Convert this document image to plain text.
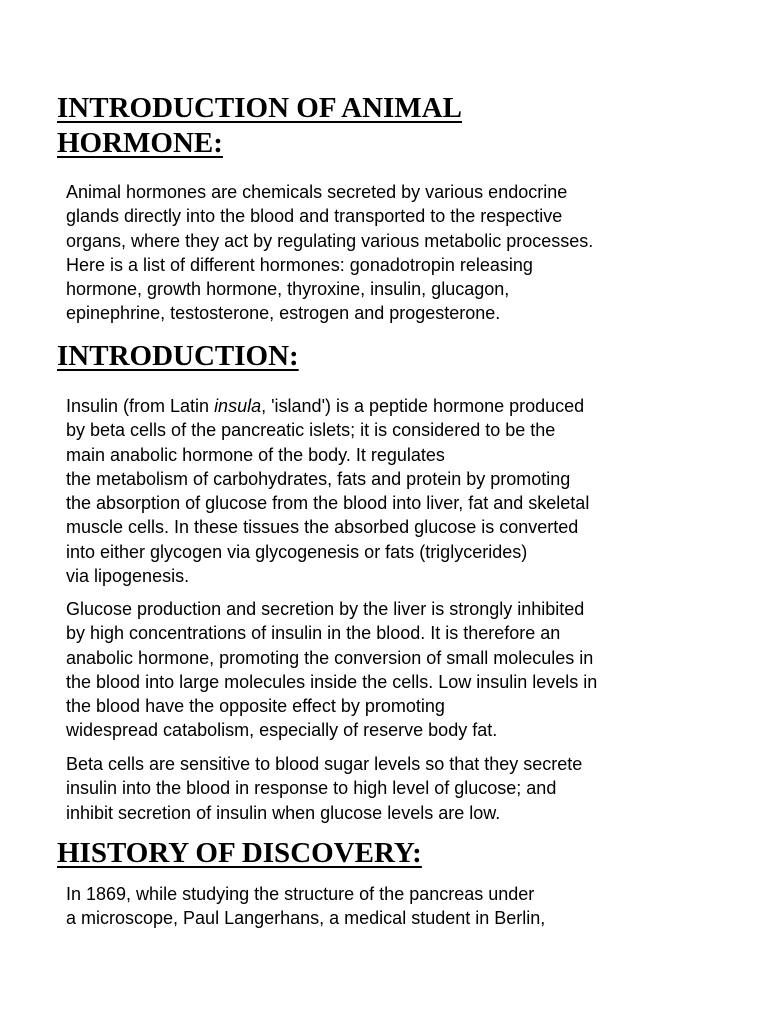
INTRODUCTION OF ANIMAL
HORMONE:

Animal hormones are chemicals secreted by various endocrine
glands directly into the blood and transported to the respective
organs, where they act by regulating various metabolic processes.
Here is a list of different hormones: gonadotropin releasing
hormone, growth hormone, thyroxine, insulin, glucagon,
epinephrine, testosterone, estrogen and progesterone.

INTRODUCTION:

Insulin (from Latin insula, 'island') is a peptide hormone produced
by beta cells of the pancreatic islets; it is considered to be the
main anabolic hormone of the body. It regulates
the metabolism of carbohydrates, fats and protein by promoting
the absorption of glucose from the blood into liver, fat and skeletal
muscle cells. In these tissues the absorbed glucose is converted
into either glycogen via glycogenesis or fats (triglycerides)
via lipogenesis.

Glucose production and secretion by the liver is strongly inhibited
by high concentrations of insulin in the blood. It is therefore an
anabolic hormone, promoting the conversion of small molecules in
the blood into large molecules inside the cells. Low insulin levels in
the blood have the opposite effect by promoting
widespread catabolism, especially of reserve body fat.

Beta cells are sensitive to blood sugar levels so that they secrete
insulin into the blood in response to high level of glucose; and
inhibit secretion of insulin when glucose levels are low.

HISTORY OF DISCOVERY:

In 1869, while studying the structure of the pancreas under
a microscope, Paul Langerhans, a medical student in Berlin,
